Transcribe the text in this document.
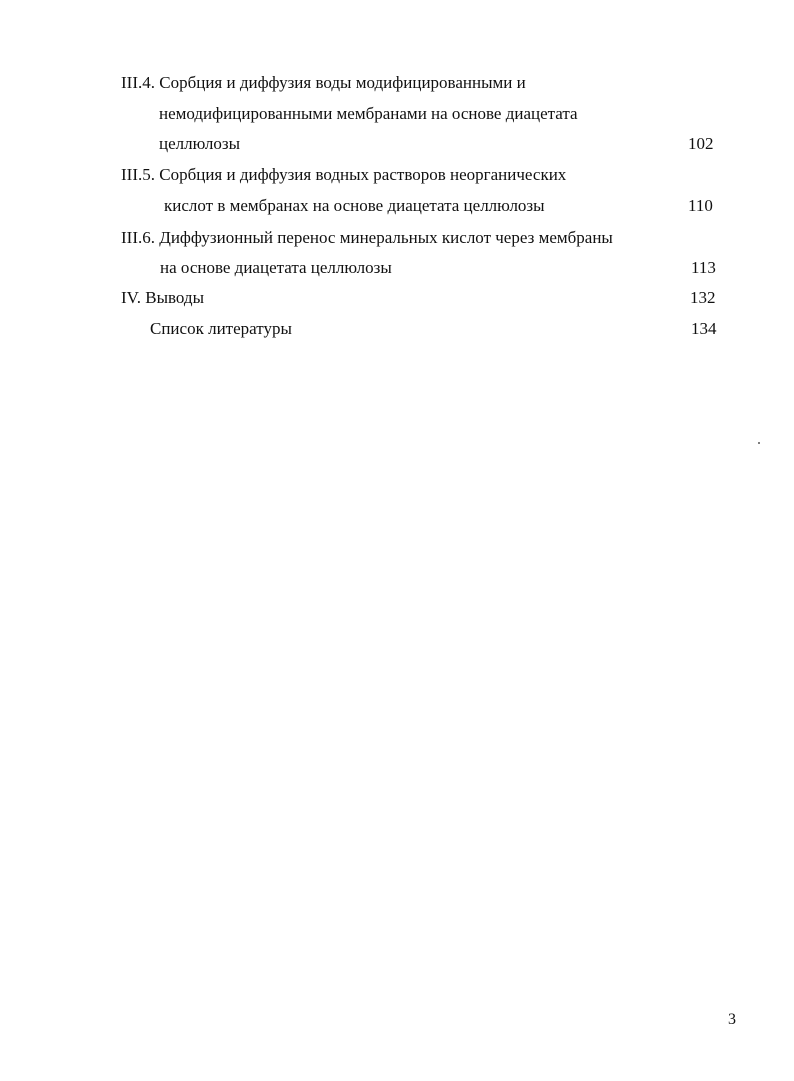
III.4. Сорбция и диффузия воды модифицированными и
немодифицированными мембранами на основе диацетата
целлюлозы	102
III.5. Сорбция и диффузия водных растворов неорганических
кислот в мембранах на основе диацетата целлюлозы	110
III.6. Диффузионный перенос минеральных кислот через мембраны
на основе диацетата целлюлозы	113
IV. Выводы	132
Список литературы	134
3
